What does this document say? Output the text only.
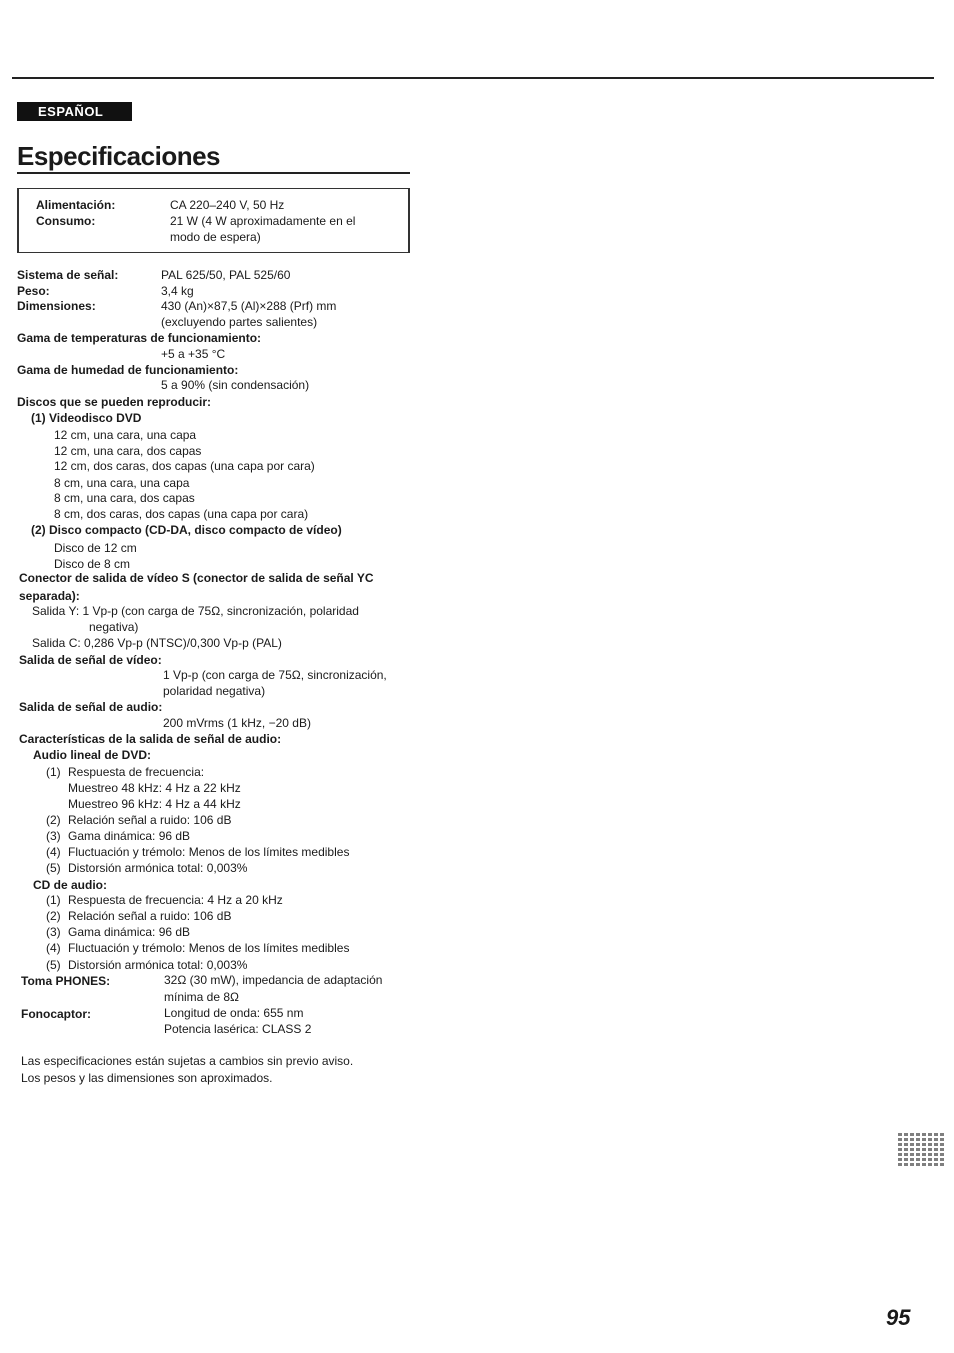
ESPAÑOL
Especificaciones
Alimentación:	CA 220–240 V, 50 Hz
Consumo:	21 W (4 W aproximadamente en el
modo de espera)
Sistema de señal:	PAL 625/50, PAL 525/60
Peso:	3,4 kg
Dimensiones:	430 (An)×87,5 (Al)×288 (Prf) mm
(excluyendo partes salientes)
Gama de temperaturas de funcionamiento:
+5 a +35 °C
Gama de humedad de funcionamiento:
5 a 90% (sin condensación)
Discos que se pueden reproducir:
(1) Videodisco DVD
12 cm, una cara, una capa
12 cm, una cara, dos capas
12 cm, dos caras, dos capas (una capa por cara)
8 cm, una cara, una capa
8 cm, una cara, dos capas
8 cm, dos caras, dos capas (una capa por cara)
(2) Disco compacto (CD-DA, disco compacto de vídeo)
Disco de 12 cm
Disco de 8 cm
Conector de salida de vídeo S (conector de salida de señal YC
separada):
Salida Y: 1 Vp-p (con carga de 75Ω, sincronización, polaridad
negativa)
Salida C: 0,286 Vp-p (NTSC)/0,300 Vp-p (PAL)
Salida de señal de vídeo:
1 Vp-p (con carga de 75Ω, sincronización,
polaridad negativa)
Salida de señal de audio:
200 mVrms (1 kHz, −20 dB)
Características de la salida de señal de audio:
Audio lineal de DVD:
(1) Respuesta de frecuencia:
Muestreo 48 kHz: 4 Hz a 22 kHz
Muestreo 96 kHz: 4 Hz a 44 kHz
(2) Relación señal a ruido: 106 dB
(3) Gama dinámica: 96 dB
(4) Fluctuación y trémolo: Menos de los límites medibles
(5) Distorsión armónica total: 0,003%
CD de audio:
(1) Respuesta de frecuencia: 4 Hz a 20 kHz
(2) Relación señal a ruido: 106 dB
(3) Gama dinámica: 96 dB
(4) Fluctuación y trémolo: Menos de los límites medibles
(5) Distorsión armónica total: 0,003%
Toma PHONES:	32Ω (30 mW), impedancia de adaptación
mínima de 8Ω
Fonocaptor:	Longitud de onda: 655 nm
Potencia lasérica: CLASS 2
Las especificaciones están sujetas a cambios sin previo aviso.
Los pesos y las dimensiones son aproximados.
95
